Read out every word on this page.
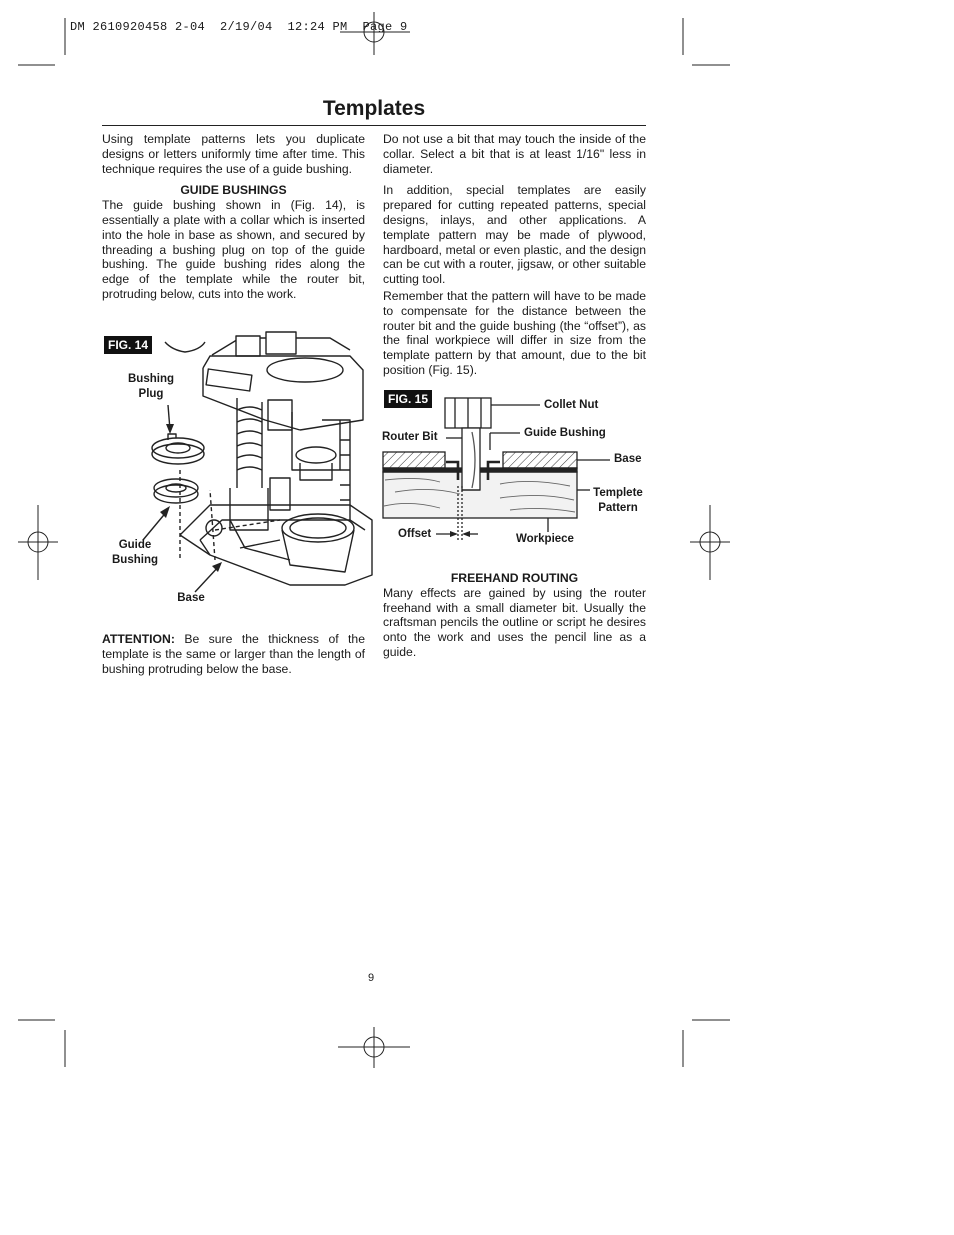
DM 2610920458 2-04  2/19/04  12:24 PM  Page 9
Templates

Using template patterns lets you duplicate designs or letters uniformly time after time. This technique requires the use of a guide bushing.

GUIDE BUSHINGS

The guide bushing shown in (Fig. 14), is essentially a plate with a collar which is inserted into the hole in base as shown, and secured by threading a bushing plug on top of the guide bushing. The guide bushing rides along the edge of the template while the router bit, protruding below, cuts into the work.

FIG. 14
Bushing
Plug
Guide
Bushing
Base

ATTENTION: Be sure the thickness of the template is the same or larger than the length of bushing protruding below the base.

Do not use a bit that may touch the inside of the collar. Select a bit that is at least 1/16" less in diameter.

In addition, special templates are easily prepared for cutting repeated patterns, special designs, inlays, and other applications. A template pattern may be made of plywood, hardboard, metal or even plastic, and the design can be cut with a router, jigsaw, or other suitable cutting tool.

Remember that the pattern will have to be made to compensate for the distance between the router bit and the guide bushing (the “offset”), as the final workpiece will differ in size from the template pattern by that amount, due to the bit position (Fig. 15).

FIG. 15	Collet Nut
Router Bit	Guide Bushing
Base
Templete
Pattern
Offset	Workpiece
FREEHAND ROUTING

Many effects are gained by using the router freehand with a small diameter bit. Usually the craftsman pencils the outline or script he desires onto the work and uses the pencil line as a guide.

9
